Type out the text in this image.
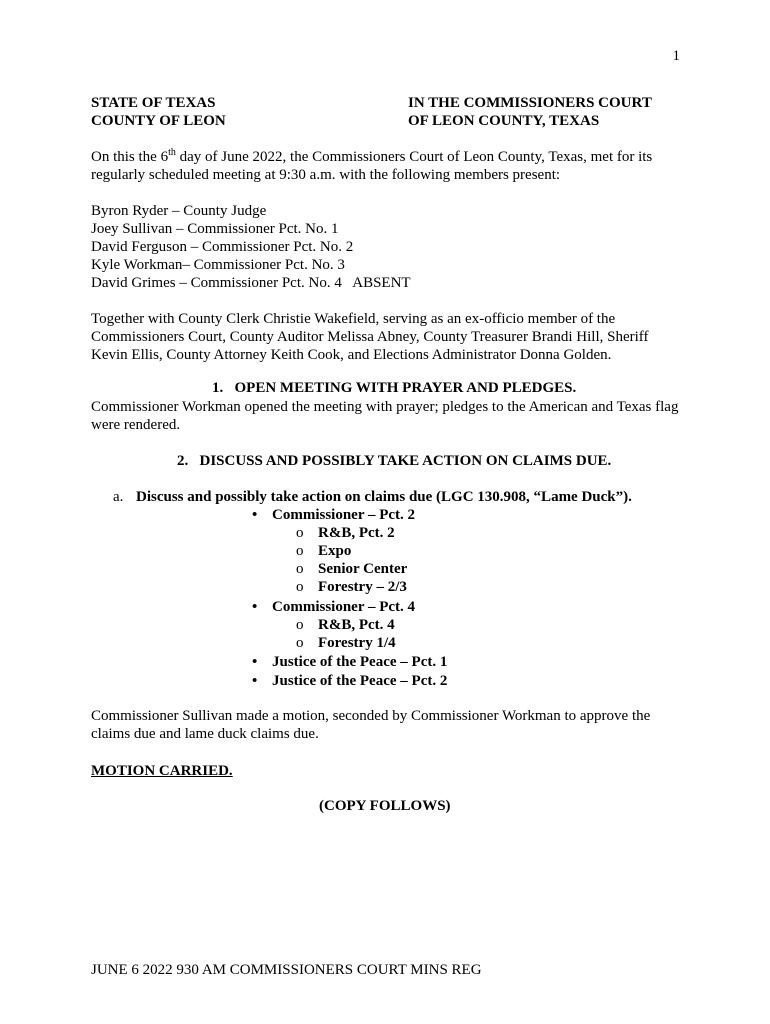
1
STATE OF TEXAS
COUNTY OF LEON
IN THE COMMISSIONERS COURT
OF LEON COUNTY, TEXAS
On this the 6th day of June 2022, the Commissioners Court of Leon County, Texas, met for its regularly scheduled meeting at 9:30 a.m. with the following members present:
Byron Ryder – County Judge
Joey Sullivan – Commissioner Pct. No. 1
David Ferguson – Commissioner Pct. No. 2
Kyle Workman– Commissioner Pct. No. 3
David Grimes – Commissioner Pct. No. 4   ABSENT
Together with County Clerk Christie Wakefield, serving as an ex-officio member of the Commissioners Court, County Auditor Melissa Abney, County Treasurer Brandi Hill, Sheriff Kevin Ellis, County Attorney Keith Cook, and Elections Administrator Donna Golden.
1.   OPEN MEETING WITH PRAYER AND PLEDGES.
Commissioner Workman opened the meeting with prayer; pledges to the American and Texas flag were rendered.
2.   DISCUSS AND POSSIBLY TAKE ACTION ON CLAIMS DUE.
a. Discuss and possibly take action on claims due (LGC 130.908, “Lame Duck”).
• Commissioner – Pct. 2
o R&B, Pct. 2
o Expo
o Senior Center
o Forestry – 2/3
• Commissioner – Pct. 4
o R&B, Pct. 4
o Forestry 1/4
• Justice of the Peace – Pct. 1
• Justice of the Peace – Pct. 2
Commissioner Sullivan made a motion, seconded by Commissioner Workman to approve the claims due and lame duck claims due.
MOTION CARRIED.
(COPY FOLLOWS)
JUNE 6 2022 930 AM COMMISSIONERS COURT MINS REG
